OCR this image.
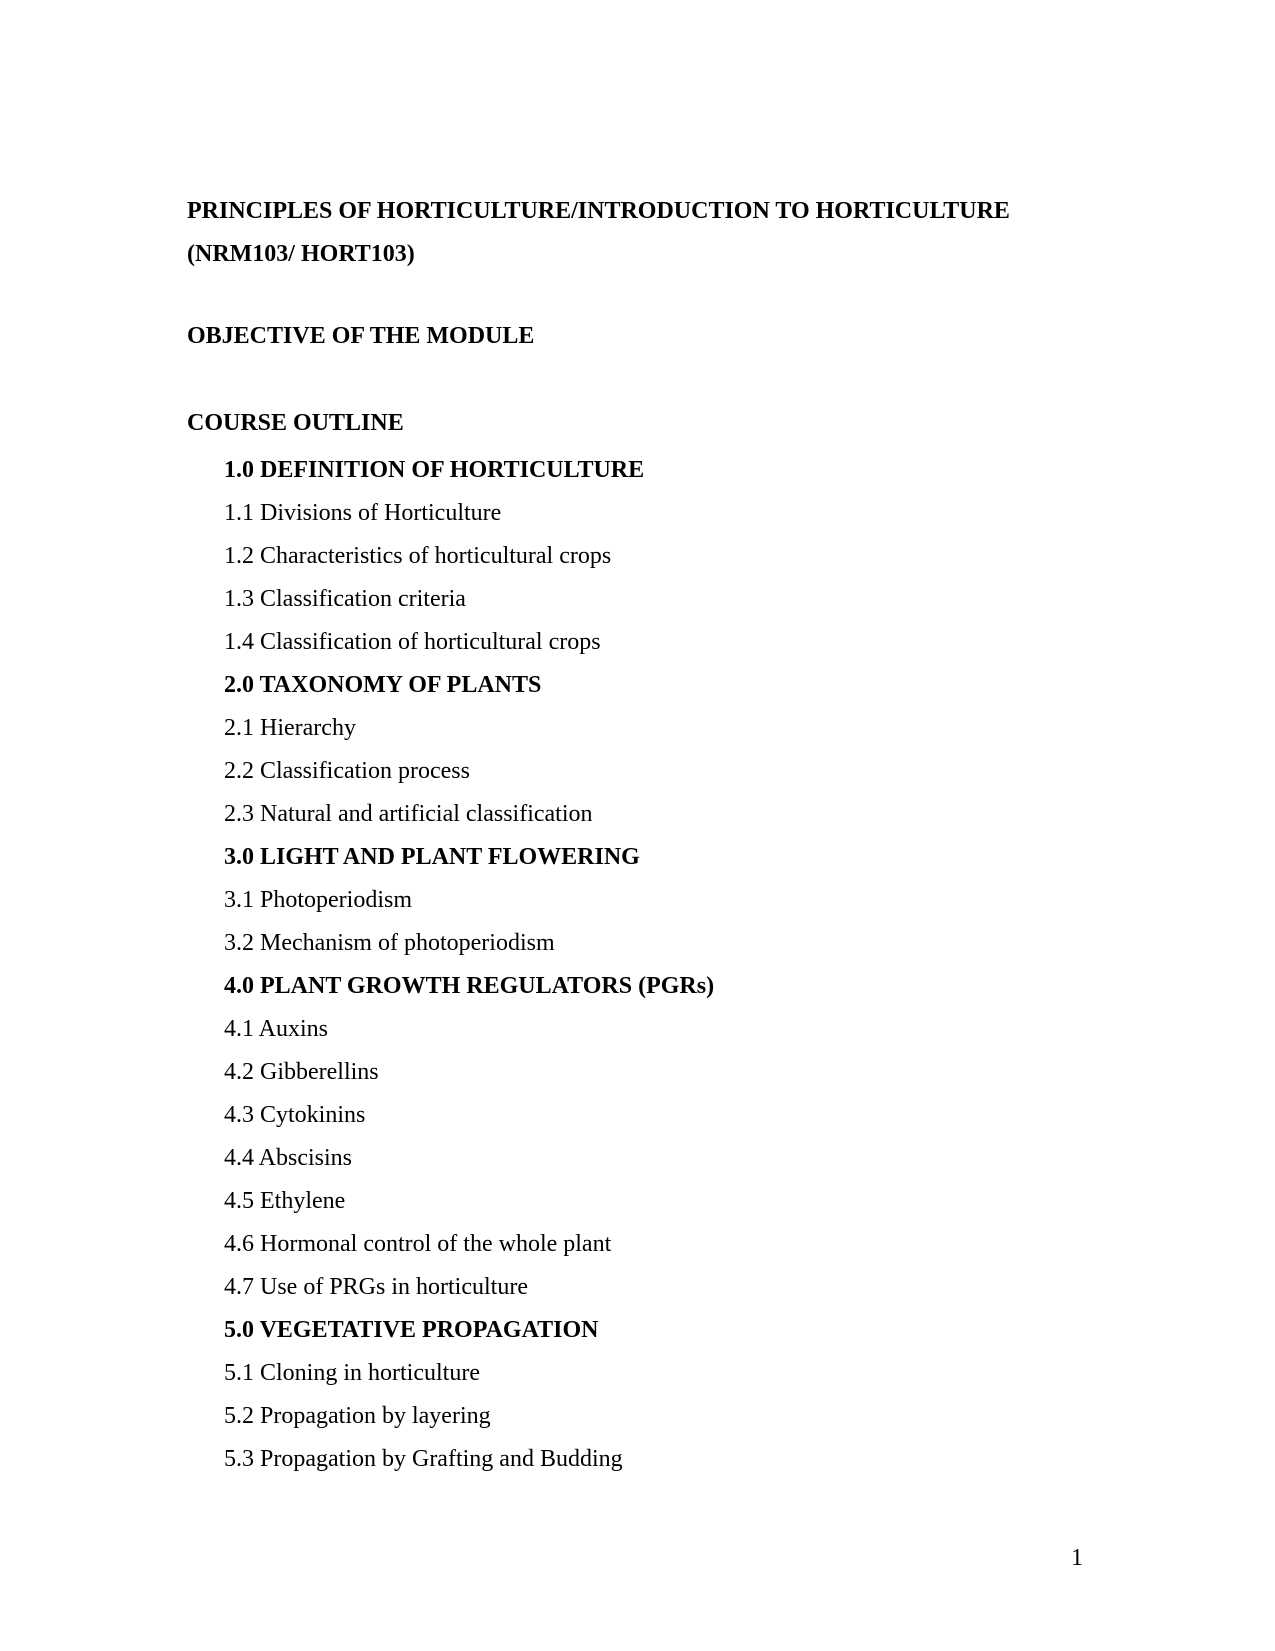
PRINCIPLES OF HORTICULTURE/INTRODUCTION TO HORTICULTURE
(NRM103/ HORT103)
OBJECTIVE OF THE MODULE
COURSE OUTLINE
1.0 DEFINITION OF HORTICULTURE
1.1 Divisions of Horticulture
1.2 Characteristics of horticultural crops
1.3 Classification criteria
1.4 Classification of horticultural crops
2.0 TAXONOMY OF PLANTS
2.1 Hierarchy
2.2 Classification process
2.3 Natural and artificial classification
3.0 LIGHT AND PLANT FLOWERING
3.1 Photoperiodism
3.2 Mechanism of photoperiodism
4.0 PLANT GROWTH REGULATORS (PGRs)
4.1 Auxins
4.2 Gibberellins
4.3 Cytokinins
4.4 Abscisins
4.5 Ethylene
4.6 Hormonal control of the whole plant
4.7 Use of PRGs in horticulture
5.0 VEGETATIVE PROPAGATION
5.1 Cloning in horticulture
5.2 Propagation by layering
5.3 Propagation by Grafting and Budding
1
